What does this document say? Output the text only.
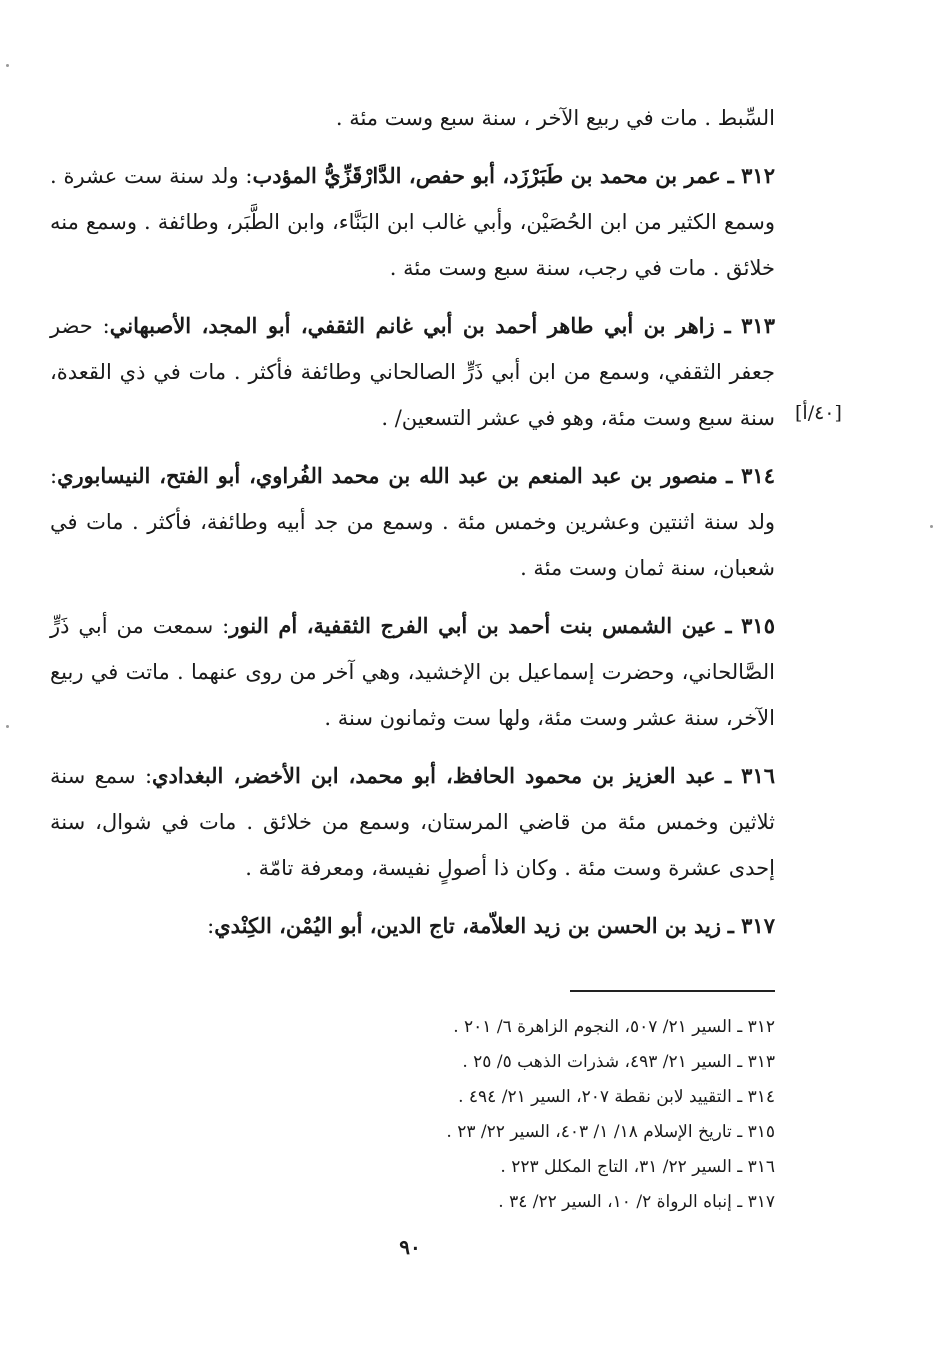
السِّبط . مات في ربيع الآخر ، سنة سبع وست مئة .
٣١٢ ـ عمر بن محمد بن طَبَرْزَد، أبو حفص، الدَّارْقَزِّيُّ المؤدب: ولد سنة ست عشرة . وسمع الكثير من ابن الحُصَيْن، وأبي غالب ابن البَنَّاء، وابن الطَّبَر، وطائفة . وسمع منه خلائق . مات في رجب، سنة سبع وست مئة .
٣١٣ ـ زاهر بن أبي طاهر أحمد بن أبي غانم الثقفي، أبو المجد، الأصبهاني: حضر جعفر الثقفي، وسمع من ابن أبي ذَرٍّ الصالحاني وطائفة فأكثر . مات في ذي القعدة، سنة سبع وست مئة، وهو في عشر التسعين/ .
٣١٤ ـ منصور بن عبد المنعم بن عبد الله بن محمد الفُراوي، أبو الفتح، النيسابوري: ولد سنة اثنتين وعشرين وخمس مئة . وسمع من جد أبيه وطائفة، فأكثر . مات في شعبان، سنة ثمان وست مئة .
٣١٥ ـ عين الشمس بنت أحمد بن أبي الفرج الثقفية، أم النور: سمعت من أبي ذَرٍّ الصَّالحاني، وحضرت إسماعيل بن الإخشيد، وهي آخر من روى عنهما . ماتت في ربيع الآخر، سنة عشر وست مئة، ولها ست وثمانون سنة .
٣١٦ ـ عبد العزيز بن محمود الحافظ، أبو محمد، ابن الأخضر، البغدادي: سمع سنة ثلاثين وخمس مئة من قاضي المرستان، وسمع من خلائق . مات في شوال، سنة إحدى عشرة وست مئة . وكان ذا أصولٍ نفيسة، ومعرفة تامّة .
٣١٧ ـ زيد بن الحسن بن زيد العلاّمة، تاج الدين، أبو اليُمْن، الكِنْدي:
[٤٠/أ]
٣١٢ ـ السير ٢١/ ٥٠٧، النجوم الزاهرة ٦/ ٢٠١ .
٣١٣ ـ السير ٢١/ ٤٩٣، شذرات الذهب ٥/ ٢٥ .
٣١٤ ـ التقييد لابن نقطة ٢٠٧، السير ٢١/ ٤٩٤ .
٣١٥ ـ تاريخ الإسلام ١٨/ ١/ ٤٠٣، السير ٢٢/ ٢٣ .
٣١٦ ـ السير ٢٢/ ٣١، التاج المكلل ٢٢٣ .
٣١٧ ـ إنباه الرواة ٢/ ١٠، السير ٢٢/ ٣٤ .
٩٠
